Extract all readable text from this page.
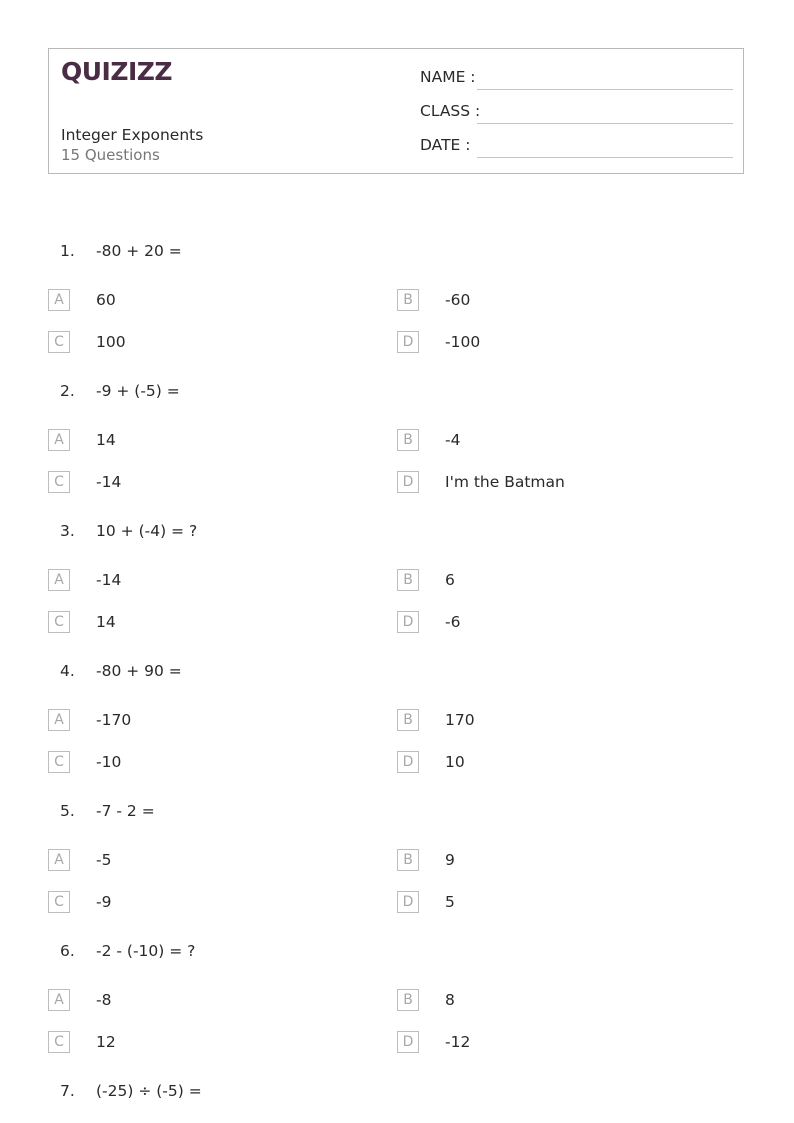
QUIZIZZ
Integer Exponents
15 Questions
NAME :
CLASS :
DATE :
1. -80 + 20 =
A	60	B	-60
C	100	D	-100
2. -9 + (-5) =
A	14	B	-4
C	-14	D	I'm the Batman
3. 10 + (-4) = ?
A	-14	B	6
C	14	D	-6
4. -80 + 90 =
A	-170	B	170
C	-10	D	10
5. -7 - 2 =
A	-5	B	9
C	-9	D	5
6. -2 - (-10) = ?
A	-8	B	8
C	12	D	-12
7. (-25) ÷ (-5) =
